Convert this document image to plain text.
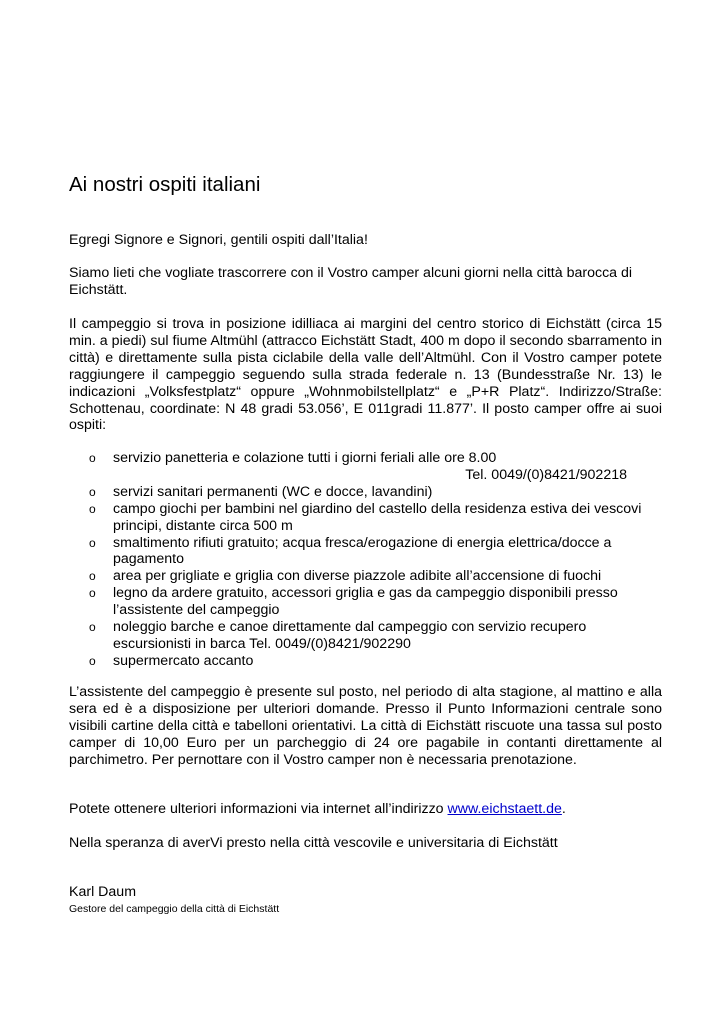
Ai nostri ospiti italiani
Egregi Signore e Signori, gentili ospiti dall’Italia!
Siamo lieti che vogliate trascorrere con il Vostro camper alcuni giorni nella città barocca di Eichstätt.
Il campeggio si trova in posizione idilliaca ai margini del centro storico di Eichstätt (circa 15 min. a piedi) sul fiume Altmühl (attracco Eichstätt Stadt, 400 m dopo il secondo sbarramento in città) e direttamente sulla pista ciclabile della valle dell’Altmühl. Con il Vostro camper potete raggiungere il campeggio seguendo sulla strada federale n. 13 (Bundesstraße Nr. 13) le indicazioni „Volksfestplatz“ oppure „Wohnmobilstellplatz“ e „P+R Platz“. Indirizzo/Straße: Schottenau, coordinate: N 48 gradi 53.056’, E 011gradi 11.877’. Il posto camper offre ai suoi ospiti:
o servizio panetteria e colazione tutti i giorni feriali alle ore 8.00
Tel. 0049/(0)8421/902218
o servizi sanitari permanenti (WC e docce, lavandini)
o campo giochi per bambini nel giardino del castello della residenza estiva dei vescovi principi, distante circa 500 m
o smaltimento rifiuti gratuito; acqua fresca/erogazione di energia elettrica/docce a pagamento
o area per grigliate e griglia con diverse piazzole adibite all’accensione di fuochi
o legno da ardere gratuito, accessori griglia e gas da campeggio disponibili presso l’assistente del campeggio
o noleggio barche e canoe direttamente dal campeggio con servizio recupero escursionisti in barca Tel. 0049/(0)8421/902290
o supermercato accanto
L’assistente del campeggio è presente sul posto, nel periodo di alta stagione, al mattino e alla sera ed è a disposizione per ulteriori domande. Presso il Punto Informazioni centrale sono visibili cartine della città e tabelloni orientativi. La città di Eichstätt riscuote una tassa sul posto camper di 10,00 Euro per un parcheggio di 24 ore pagabile in contanti direttamente al parchimetro. Per pernottare con il Vostro camper non è necessaria prenotazione.
Potete ottenere ulteriori informazioni via internet all’indirizzo www.eichstaett.de.
Nella speranza di averVi presto nella città vescovile e universitaria di Eichstätt
Karl Daum
Gestore del campeggio della città di Eichstätt
